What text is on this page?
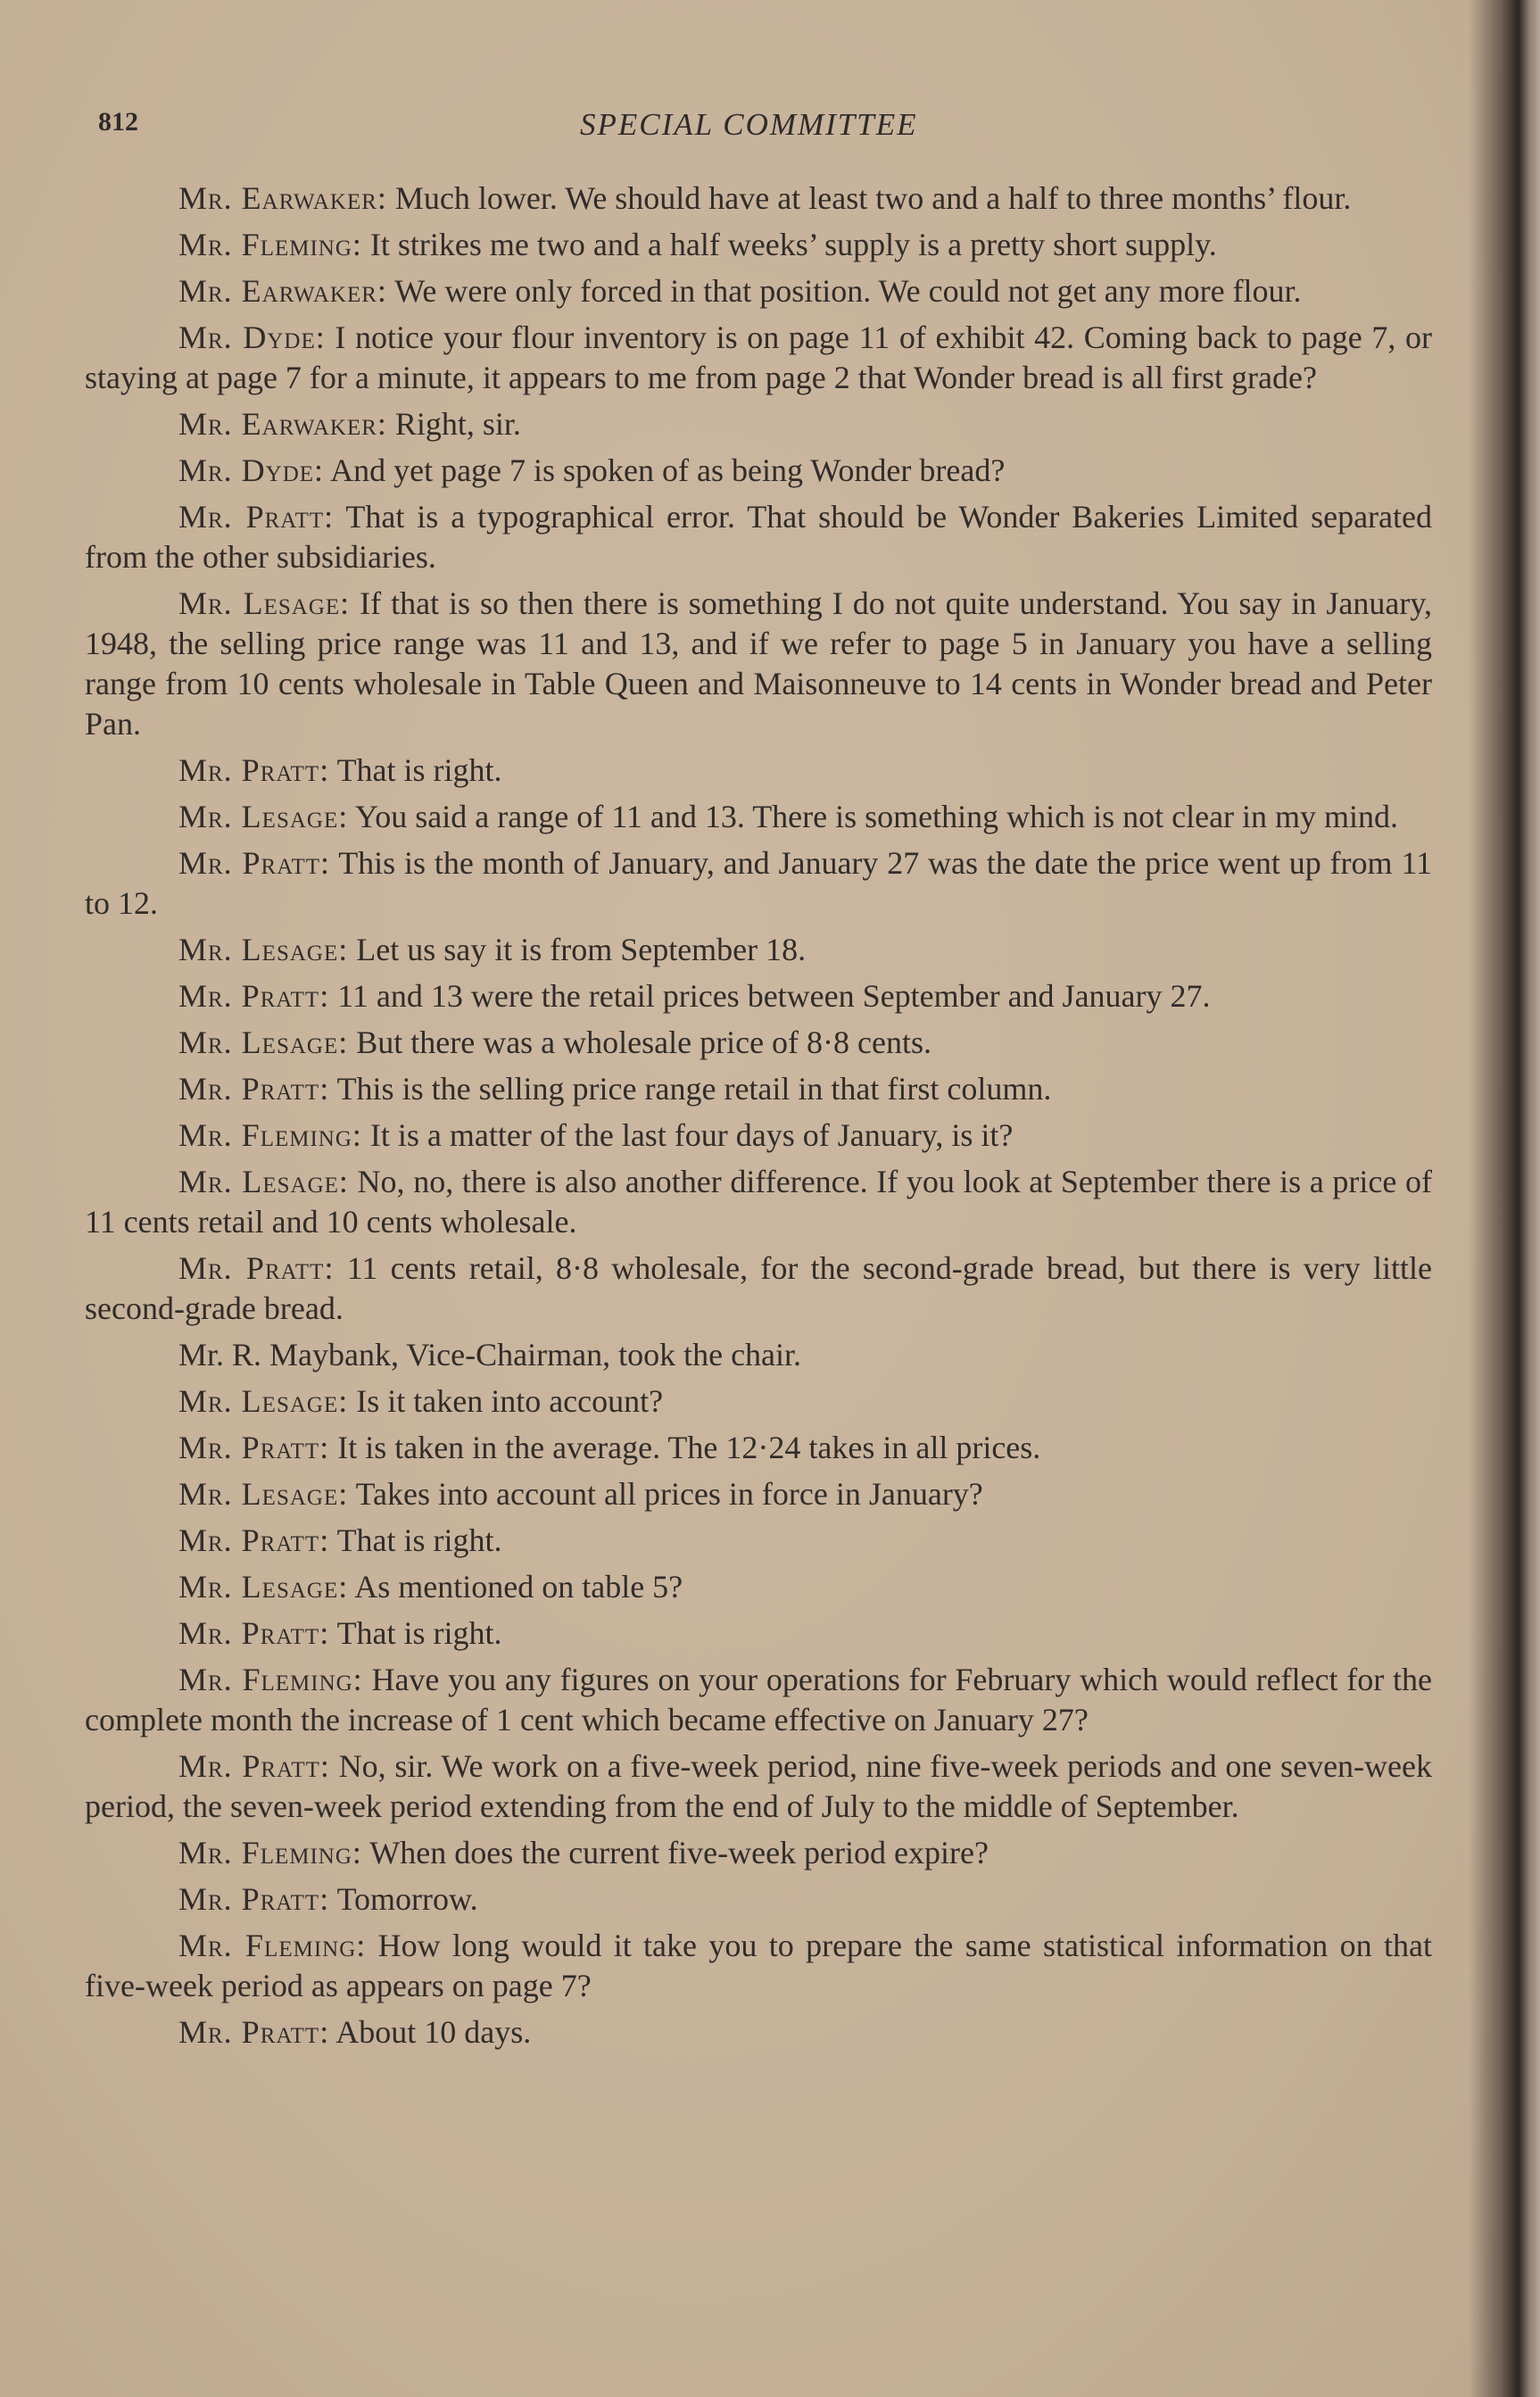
812	SPECIAL COMMITTEE

Mr. Earwaker: Much lower. We should have at least two and a half to three months’ flour.

Mr. Fleming: It strikes me two and a half weeks’ supply is a pretty short supply.

Mr. Earwaker: We were only forced in that position. We could not get any more flour.

Mr. Dyde: I notice your flour inventory is on page 11 of exhibit 42. Coming back to page 7, or staying at page 7 for a minute, it appears to me from page 2 that Wonder bread is all first grade?

Mr. Earwaker: Right, sir.

Mr. Dyde: And yet page 7 is spoken of as being Wonder bread?

Mr. Pratt: That is a typographical error. That should be Wonder Bakeries Limited separated from the other subsidiaries.

Mr. Lesage: If that is so then there is something I do not quite understand. You say in January, 1948, the selling price range was 11 and 13, and if we refer to page 5 in January you have a selling range from 10 cents wholesale in Table Queen and Maisonneuve to 14 cents in Wonder bread and Peter Pan.

Mr. Pratt: That is right.

Mr. Lesage: You said a range of 11 and 13. There is something which is not clear in my mind.

Mr. Pratt: This is the month of January, and January 27 was the date the price went up from 11 to 12.

Mr. Lesage: Let us say it is from September 18.

Mr. Pratt: 11 and 13 were the retail prices between September and January 27.

Mr. Lesage: But there was a wholesale price of 8·8 cents.

Mr. Pratt: This is the selling price range retail in that first column.

Mr. Fleming: It is a matter of the last four days of January, is it?

Mr. Lesage: No, no, there is also another difference. If you look at September there is a price of 11 cents retail and 10 cents wholesale.

Mr. Pratt: 11 cents retail, 8·8 wholesale, for the second-grade bread, but there is very little second-grade bread.

Mr. R. Maybank, Vice-Chairman, took the chair.

Mr. Lesage: Is it taken into account?

Mr. Pratt: It is taken in the average. The 12·24 takes in all prices.

Mr. Lesage: Takes into account all prices in force in January?

Mr. Pratt: That is right.

Mr. Lesage: As mentioned on table 5?

Mr. Pratt: That is right.

Mr. Fleming: Have you any figures on your operations for February which would reflect for the complete month the increase of 1 cent which became effective on January 27?

Mr. Pratt: No, sir. We work on a five-week period, nine five-week periods and one seven-week period, the seven-week period extending from the end of July to the middle of September.

Mr. Fleming: When does the current five-week period expire?

Mr. Pratt: Tomorrow.

Mr. Fleming: How long would it take you to prepare the same statistical information on that five-week period as appears on page 7?

Mr. Pratt: About 10 days.
